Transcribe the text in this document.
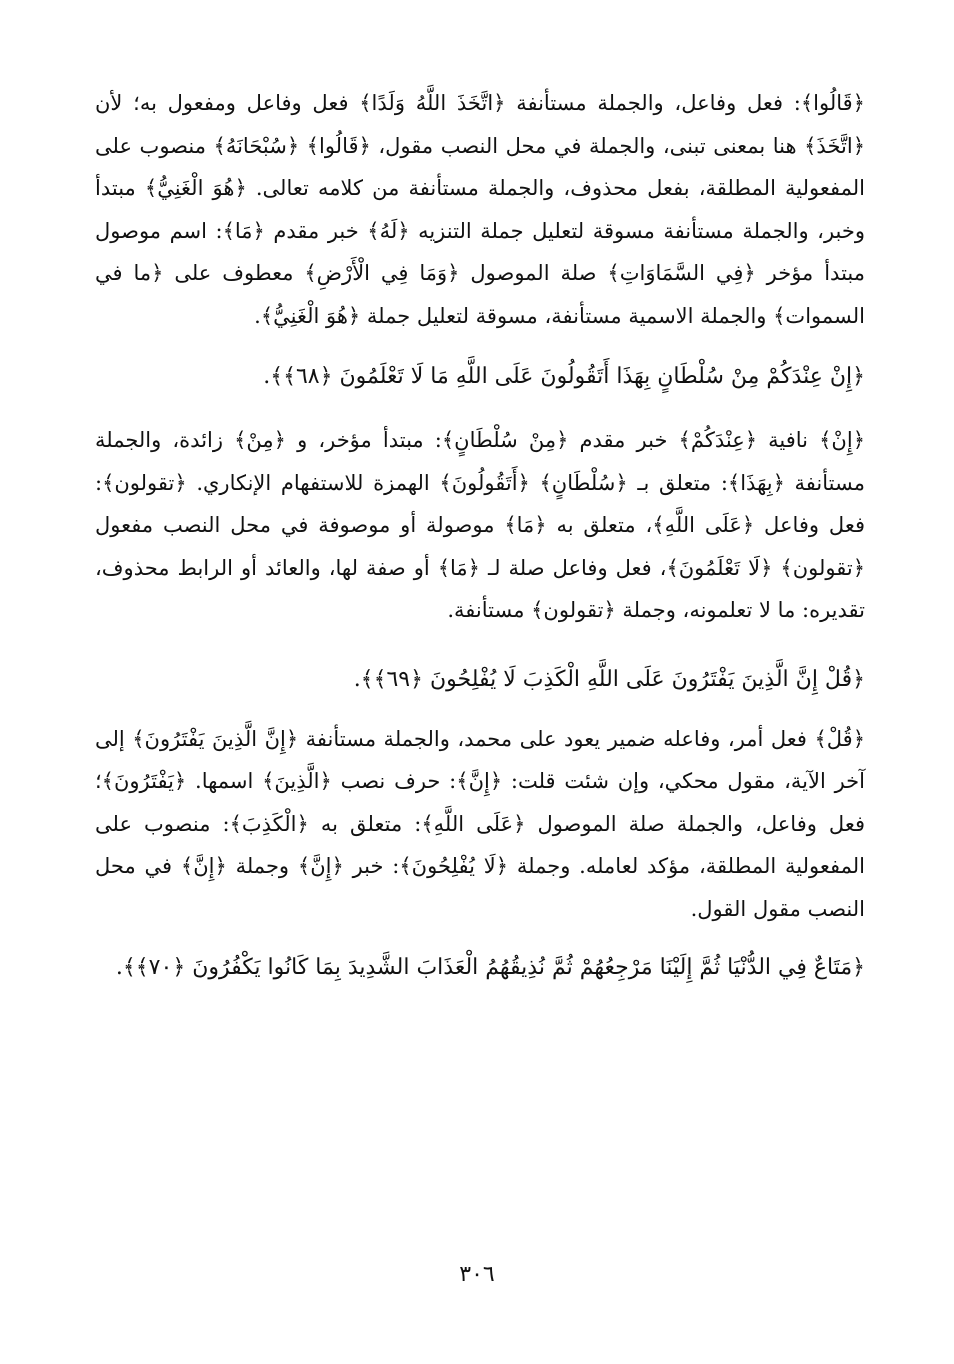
﴿قَالُوا﴾: فعل وفاعل، والجملة مستأنفة ﴿اتَّخَذَ اللَّهُ وَلَدًا﴾ فعل وفاعل ومفعول به؛ لأن ﴿اتَّخَذَ﴾ هنا بمعنى تبنى، والجملة في محل النصب مقول، ﴿قَالُوا﴾ ﴿سُبْحَانَهُ﴾ منصوب على المفعولية المطلقة، بفعل محذوف، والجملة مستأنفة من كلامه تعالى. ﴿هُوَ الْغَنِيُّ﴾ مبتدأ وخبر، والجملة مستأنفة مسوقة لتعليل جملة التنزيه ﴿لَهُ﴾ خبر مقدم ﴿مَا﴾: اسم موصول مبتدأ مؤخر ﴿فِي السَّمَاوَاتِ﴾ صلة الموصول ﴿وَمَا فِي الْأَرْضِ﴾ معطوف على ﴿ما في السموات﴾ والجملة الاسمية مستأنفة، مسوقة لتعليل جملة ﴿هُوَ الْغَنِيُّ﴾.

﴿إِنْ عِنْدَكُمْ مِنْ سُلْطَانٍ بِهَذَا أَتَقُولُونَ عَلَى اللَّهِ مَا لَا تَعْلَمُونَ ﴿٦٨﴾﴾.

﴿إِنْ﴾ نافية ﴿عِنْدَكُمْ﴾ خبر مقدم ﴿مِنْ سُلْطَانٍ﴾: مبتدأ مؤخر، و ﴿مِنْ﴾ زائدة، والجملة مستأنفة ﴿بِهَذَا﴾: متعلق بـ ﴿سُلْطَانٍ﴾ ﴿أَتَقُولُونَ﴾ الهمزة للاستفهام الإنكاري. ﴿تقولون﴾: فعل وفاعل ﴿عَلَى اللَّهِ﴾، متعلق به ﴿مَا﴾ موصولة أو موصوفة في محل النصب مفعول ﴿تقولون﴾ ﴿لَا تَعْلَمُونَ﴾، فعل وفاعل صلة لـ ﴿مَا﴾ أو صفة لها، والعائد أو الرابط محذوف، تقديره: ما لا تعلمونه، وجملة ﴿تقولون﴾ مستأنفة.

﴿قُلْ إِنَّ الَّذِينَ يَفْتَرُونَ عَلَى اللَّهِ الْكَذِبَ لَا يُفْلِحُونَ ﴿٦٩﴾﴾.

﴿قُلْ﴾ فعل أمر، وفاعله ضمير يعود على محمد، والجملة مستأنفة ﴿إِنَّ الَّذِينَ يَفْتَرُونَ﴾ إلى آخر الآية، مقول محكي، وإن شئت قلت: ﴿إِنَّ﴾: حرف نصب ﴿الَّذِينَ﴾ اسمها. ﴿يَفْتَرُونَ﴾؛ فعل وفاعل، والجملة صلة الموصول ﴿عَلَى اللَّهِ﴾: متعلق به ﴿الْكَذِبَ﴾: منصوب على المفعولية المطلقة، مؤكد لعامله. وجملة ﴿لَا يُفْلِحُونَ﴾: خبر ﴿إِنَّ﴾ وجملة ﴿إِنَّ﴾ في محل النصب مقول القول.

﴿مَتَاعٌ فِي الدُّنْيَا ثُمَّ إِلَيْنَا مَرْجِعُهُمْ ثُمَّ نُذِيقُهُمُ الْعَذَابَ الشَّدِيدَ بِمَا كَانُوا يَكْفُرُونَ ﴿٧٠﴾﴾.

٣٠٦
